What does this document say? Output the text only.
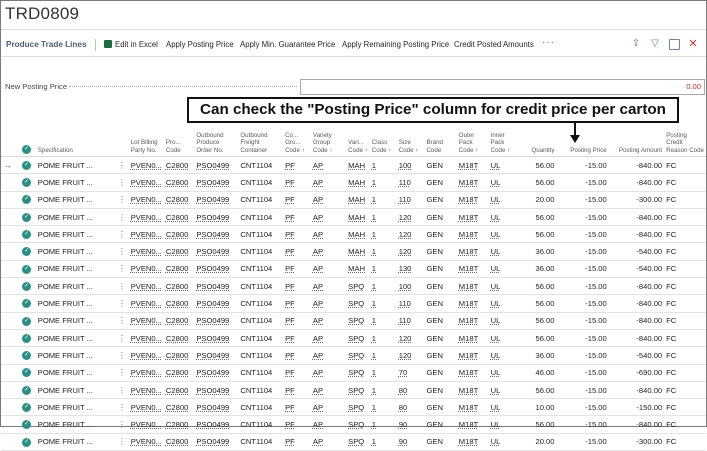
TRD0809
Produce Trade Lines	Edit in Excel Apply Posting Price Apply Min. Guarantee Price Apply Remaining Posting Price Credit Posted Amounts ···	⇪ ▽	✕
New Posting Price	0.00
	✓	Specification		Lot Billing Party No.	Pro... Code	Outbound Produce Order No.	Outbound Freight Container	Co... Gro... Code ↑	Variety Group Code ↑	Vari... Code ↑	Class Code ↑	Size Code ↑	Brand Code	Outer Pack Code ↑	Inner Pack Code ↑	Quantity	Posting Price	Posting Amount	Posting Credit Reason Code
→	✓	POME FRUIT ...	⋮	PVEN0...	C2800	PSO0499	CNT1104	PF	AP	MAH	1	100	GEN	M18T	UL	56.00	-15.00	-840.00	FC
	✓	POME FRUIT ...	⋮	PVEN0...	C2800	PSO0499	CNT1104	PF	AP	MAH	1	110	GEN	M18T	UL	56.00	-15.00	-840.00	FC
	✓	POME FRUIT ...	⋮	PVEN0...	C2800	PSO0499	CNT1104	PF	AP	MAH	1	110	GEN	M18T	UL	20.00	-15.00	-300.00	FC
	✓	POME FRUIT ...	⋮	PVEN0...	C2800	PSO0499	CNT1104	PF	AP	MAH	1	120	GEN	M18T	UL	56.00	-15.00	-840.00	FC
	✓	POME FRUIT ...	⋮	PVEN0...	C2800	PSO0499	CNT1104	PF	AP	MAH	1	120	GEN	M18T	UL	56.00	-15.00	-840.00	FC
	✓	POME FRUIT ...	⋮	PVEN0...	C2800	PSO0499	CNT1104	PF	AP	MAH	1	120	GEN	M18T	UL	36.00	-15.00	-540.00	FC
	✓	POME FRUIT ...	⋮	PVEN0...	C2800	PSO0499	CNT1104	PF	AP	MAH	1	130	GEN	M18T	UL	36.00	-15.00	-540.00	FC
	✓	POME FRUIT ...	⋮	PVEN0...	C2800	PSO0499	CNT1104	PF	AP	SPQ	1	100	GEN	M18T	UL	56.00	-15.00	-840.00	FC
	✓	POME FRUIT ...	⋮	PVEN0...	C2800	PSO0499	CNT1104	PF	AP	SPQ	1	110	GEN	M18T	UL	56.00	-15.00	-840.00	FC
	✓	POME FRUIT ...	⋮	PVEN0...	C2800	PSO0499	CNT1104	PF	AP	SPQ	1	110	GEN	M18T	UL	56.00	-15.00	-840.00	FC
	✓	POME FRUIT ...	⋮	PVEN0...	C2800	PSO0499	CNT1104	PF	AP	SPQ	1	120	GEN	M18T	UL	56.00	-15.00	-840.00	FC
	✓	POME FRUIT ...	⋮	PVEN0...	C2800	PSO0499	CNT1104	PF	AP	SPQ	1	120	GEN	M18T	UL	36.00	-15.00	-540.00	FC
	✓	POME FRUIT ...	⋮	PVEN0...	C2800	PSO0499	CNT1104	PF	AP	SPQ	1	70	GEN	M18T	UL	46.00	-15.00	-690.00	FC
	✓	POME FRUIT ...	⋮	PVEN0...	C2800	PSO0499	CNT1104	PF	AP	SPQ	1	80	GEN	M18T	UL	56.00	-15.00	-840.00	FC
	✓	POME FRUIT ...	⋮	PVEN0...	C2800	PSO0499	CNT1104	PF	AP	SPQ	1	80	GEN	M18T	UL	10.00	-15.00	-150.00	FC
	✓	POME FRUIT ...	⋮	PVEN0...	C2800	PSO0499	CNT1104	PF	AP	SPQ	1	90	GEN	M18T	UL	56.00	-15.00	-840.00	FC
	✓	POME FRUIT ...	⋮	PVEN0...	C2800	PSO0499	CNT1104	PF	AP	SPQ	1	90	GEN	M18T	UL	20.00	-15.00	-300.00	FC
Can check the "Posting Price" column for credit price per carton
